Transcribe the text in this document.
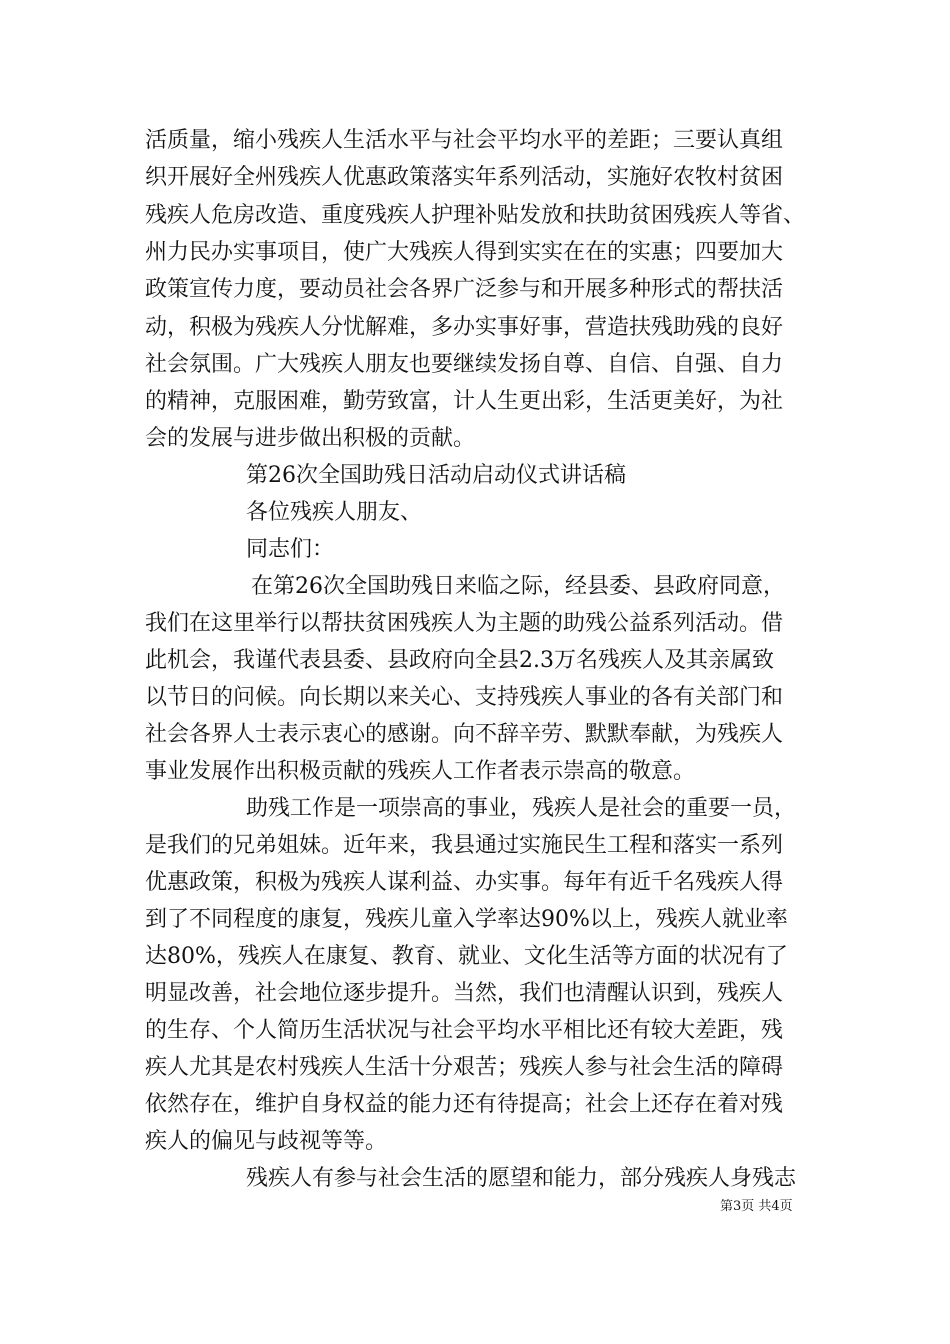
活质量，缩小残疾人生活水平与社会平均水平的差距；三要认真组
织开展好全州残疾人优惠政策落实年系列活动，实施好农牧村贫困
残疾人危房改造、重度残疾人护理补贴发放和扶助贫困残疾人等省、
州力民办实事项目，使广大残疾人得到实实在在的实惠；四要加大
政策宣传力度，要动员社会各界广泛参与和开展多种形式的帮扶活
动，积极为残疾人分忧解难，多办实事好事，营造扶残助残的良好
社会氛围。广大残疾人朋友也要继续发扬自尊、自信、自强、自力
的精神，克服困难，勤劳致富，计人生更出彩，生活更美好，为社
会的发展与进步做出积极的贡献。
第26次全国助残日活动启动仪式讲话稿
各位残疾人朋友、
同志们：
在第26次全国助残日来临之际，经县委、县政府同意，
我们在这里举行以帮扶贫困残疾人为主题的助残公益系列活动。借
此机会，我谨代表县委、县政府向全县2.3万名残疾人及其亲属致
以节日的问候。向长期以来关心、支持残疾人事业的各有关部门和
社会各界人士表示衷心的感谢。向不辞辛劳、默默奉献，为残疾人
事业发展作出积极贡献的残疾人工作者表示崇高的敬意。
助残工作是一项崇高的事业，残疾人是社会的重要一员，
是我们的兄弟姐妹。近年来，我县通过实施民生工程和落实一系列
优惠政策，积极为残疾人谋利益、办实事。每年有近千名残疾人得
到了不同程度的康复，残疾儿童入学率达90%以上，残疾人就业率
达80%，残疾人在康复、教育、就业、文化生活等方面的状况有了
明显改善，社会地位逐步提升。当然，我们也清醒认识到，残疾人
的生存、个人简历生活状况与社会平均水平相比还有较大差距，残
疾人尤其是农村残疾人生活十分艰苦；残疾人参与社会生活的障碍
依然存在，维护自身权益的能力还有待提高；社会上还存在着对残
疾人的偏见与歧视等等。
残疾人有参与社会生活的愿望和能力，部分残疾人身残志
第3页 共4页
